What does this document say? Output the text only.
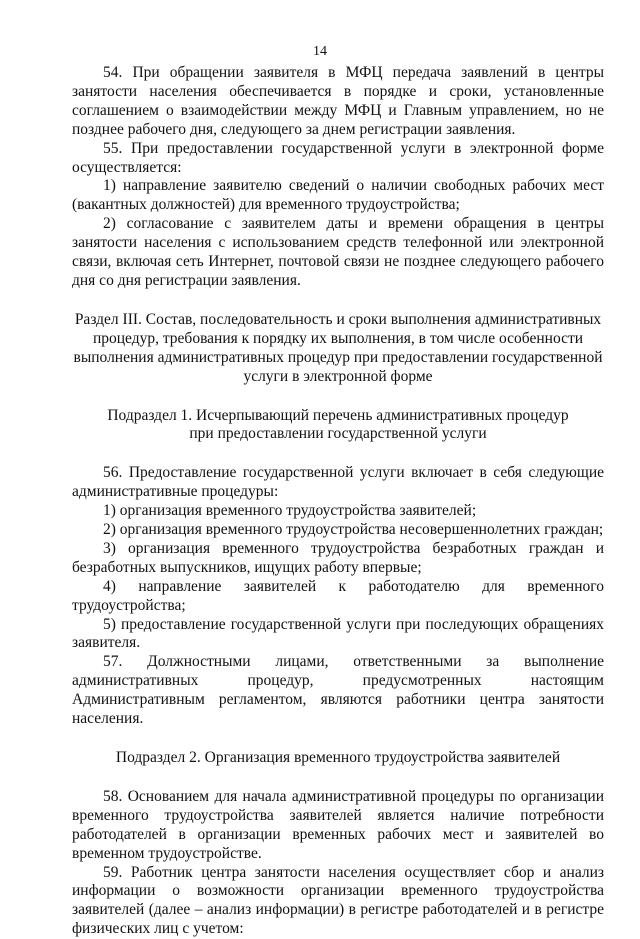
14

54. При обращении заявителя в МФЦ передача заявлений в центры занятости населения обеспечивается в порядке и сроки, установленные соглашением о взаимодействии между МФЦ и Главным управлением, но не позднее рабочего дня, следующего за днем регистрации заявления.

55. При предоставлении государственной услуги в электронной форме осуществляется:

1) направление заявителю сведений о наличии свободных рабочих мест (вакантных должностей) для временного трудоустройства;

2) согласование с заявителем даты и времени обращения в центры занятости населения с использованием средств телефонной или электронной связи, включая сеть Интернет, почтовой связи не позднее следующего рабочего дня со дня регистрации заявления.

Раздел III. Состав, последовательность и сроки выполнения административных
процедур, требования к порядку их выполнения, в том числе особенности
выполнения административных процедур при предоставлении государственной
услуги в электронной форме
Подраздел 1. Исчерпывающий перечень административных процедур
при предоставлении государственной услуги

56. Предоставление государственной услуги включает в себя следующие административные процедуры:

1) организация временного трудоустройства заявителей;

2) организация временного трудоустройства несовершеннолетних граждан;

3) организация временного трудоустройства безработных граждан и безработных выпускников, ищущих работу впервые;

4) направление заявителей к работодателю для временного трудоустройства;

5) предоставление государственной услуги при последующих обращениях заявителя.

57. Должностными лицами, ответственными за выполнение административных процедур, предусмотренных настоящим Административным регламентом, являются работники центра занятости населения.

Подраздел 2. Организация временного трудоустройства заявителей

58. Основанием для начала административной процедуры по организации временного трудоустройства заявителей является наличие потребности работодателей в организации временных рабочих мест и заявителей во временном трудоустройстве.

59. Работник центра занятости населения осуществляет сбор и анализ информации о возможности организации временного трудоустройства заявителей (далее – анализ информации) в регистре работодателей и в регистре физических лиц с учетом:
